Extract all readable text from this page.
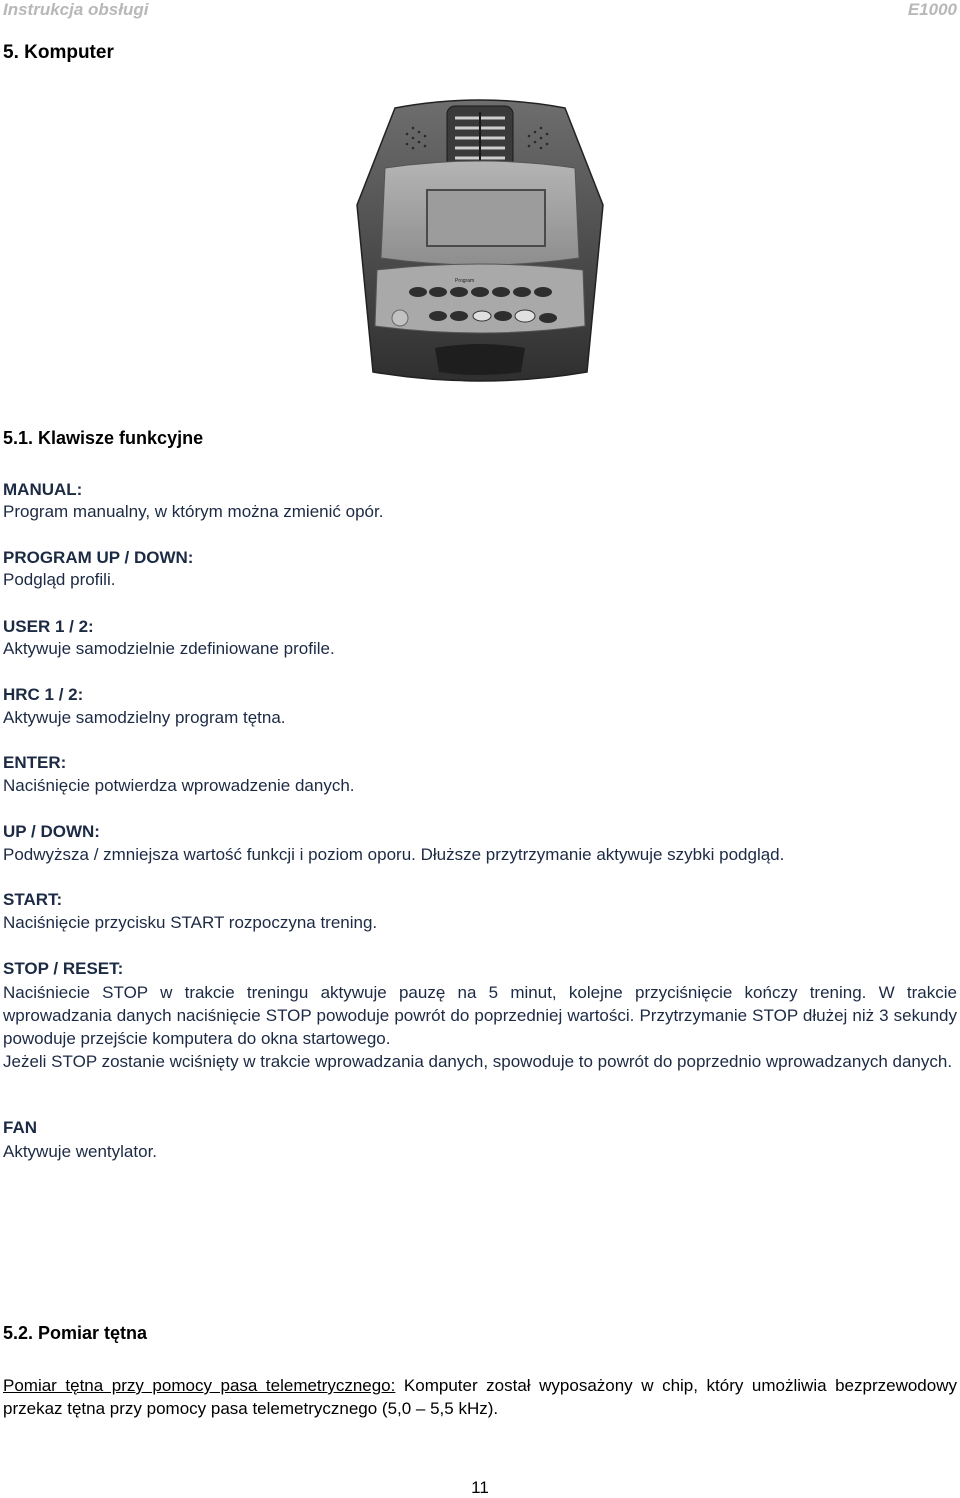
Instrukcja obsługi	E1000
5. Komputer
Program
5.1. Klawisze funkcyjne
MANUAL:
Program manualny, w którym można zmienić opór.
PROGRAM UP / DOWN:
Podgląd profili.
USER 1 / 2:
Aktywuje samodzielnie zdefiniowane profile.
HRC 1 / 2:
Aktywuje samodzielny program tętna.
ENTER:
Naciśnięcie potwierdza wprowadzenie danych.
UP / DOWN:
Podwyższa / zmniejsza wartość funkcji i poziom oporu. Dłuższe przytrzymanie aktywuje szybki podgląd.
START:
Naciśnięcie przycisku START rozpoczyna trening.
STOP / RESET:
Naciśniecie STOP w trakcie treningu aktywuje pauzę na 5 minut, kolejne przyciśnięcie kończy trening. W trakcie wprowadzania danych naciśnięcie STOP powoduje powrót do poprzedniej wartości. Przytrzymanie STOP dłużej niż 3 sekundy powoduje przejście komputera do okna startowego.
Jeżeli STOP zostanie wciśnięty w trakcie wprowadzania danych, spowoduje to powrót do poprzednio wprowadzanych danych.
FAN
Aktywuje wentylator.
5.2. Pomiar tętna
Pomiar tętna przy pomocy pasa telemetrycznego: Komputer został wyposażony w chip, który umożliwia bezprzewodowy przekaz tętna przy pomocy pasa telemetrycznego (5,0 – 5,5 kHz).
11
